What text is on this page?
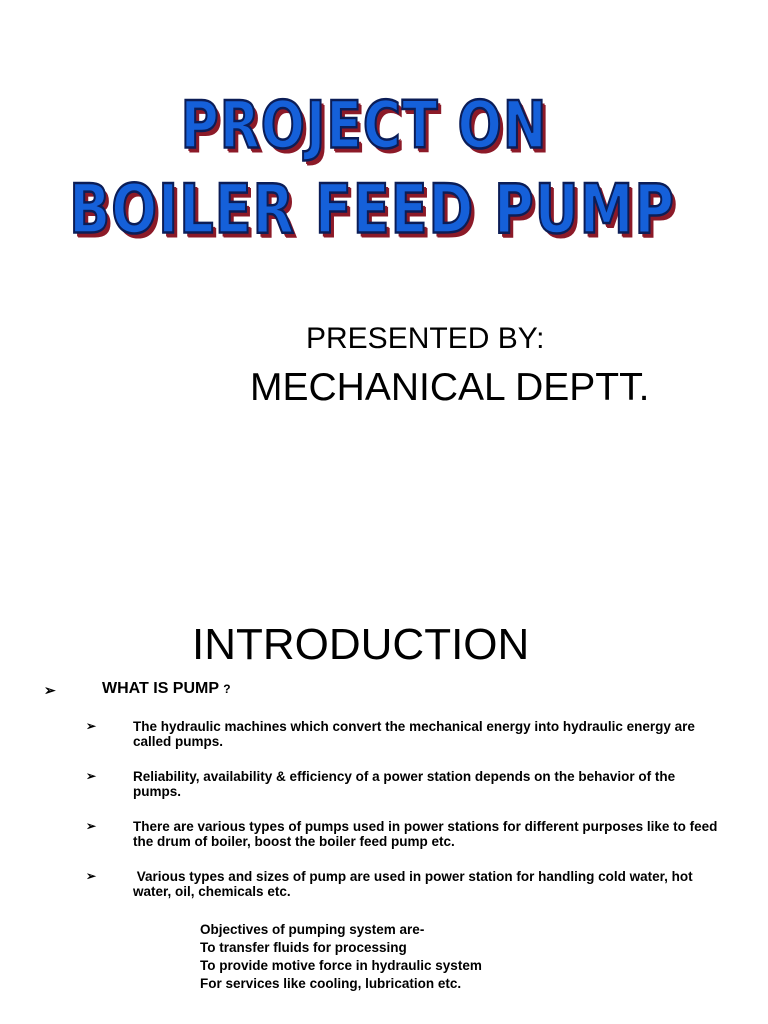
PROJECT ON
BOILER FEED PUMP
PRESENTED BY:
MECHANICAL DEPTT.
INTRODUCTION
➢	WHAT IS PUMP ?
➢	The hydraulic machines which convert the mechanical energy into hydraulic energy are called pumps.
➢	Reliability, availability & efficiency of a power station depends on the behavior of the pumps.
➢	There are various types of pumps used in power stations for different purposes like to feed the drum of boiler, boost the boiler feed pump etc.
➢	Various types and sizes of pump are used in power station for handling cold water, hot water, oil, chemicals etc.
Objectives of pumping system are-
To transfer fluids for processing
To provide motive force in hydraulic system
For services like cooling, lubrication etc.
